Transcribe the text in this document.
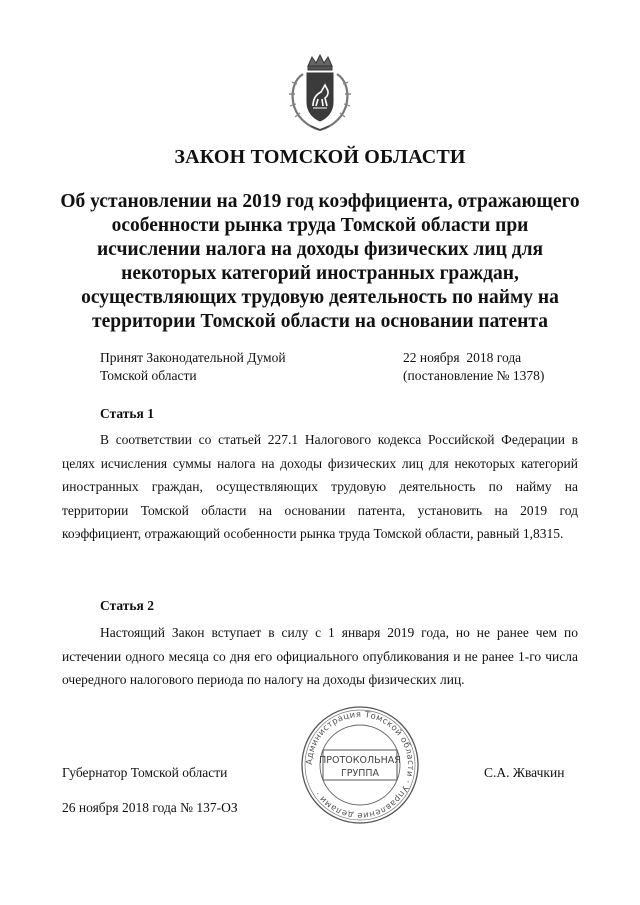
ЗАКОН ТОМСКОЙ ОБЛАСТИ
Об установлении на 2019 год коэффициента, отражающего
особенности рынка труда Томской области при
исчислении налога на доходы физических лиц для
некоторых категорий иностранных граждан,
осуществляющих трудовую деятельность по найму на
территории Томской области на основании патента
Принят Законодательной Думой
Томской области
22 ноября  2018 года
(постановление № 1378)
Статья 1
В соответствии со статьей 227.1 Налогового кодекса Российской Федерации в целях исчисления суммы налога на доходы физических лиц для некоторых категорий иностранных граждан, осуществляющих трудовую деятельность по найму на территории Томской области на основании патента, установить на 2019 год коэффициент, отражающий особенности рынка труда Томской области, равный 1,8315.
Статья 2
Настоящий Закон вступает в силу с 1 января 2019 года, но не ранее чем по истечении одного месяца со дня его официального опубликования и не ранее 1-го числа очередного налогового периода по налогу на доходы физических лиц.
Администрация Томской области · Управление делами ·
ПРОТОКОЛЬНАЯ
ГРУППА
Губернатор Томской области	С.А. Жвачкин
26 ноября 2018 года № 137-ОЗ
